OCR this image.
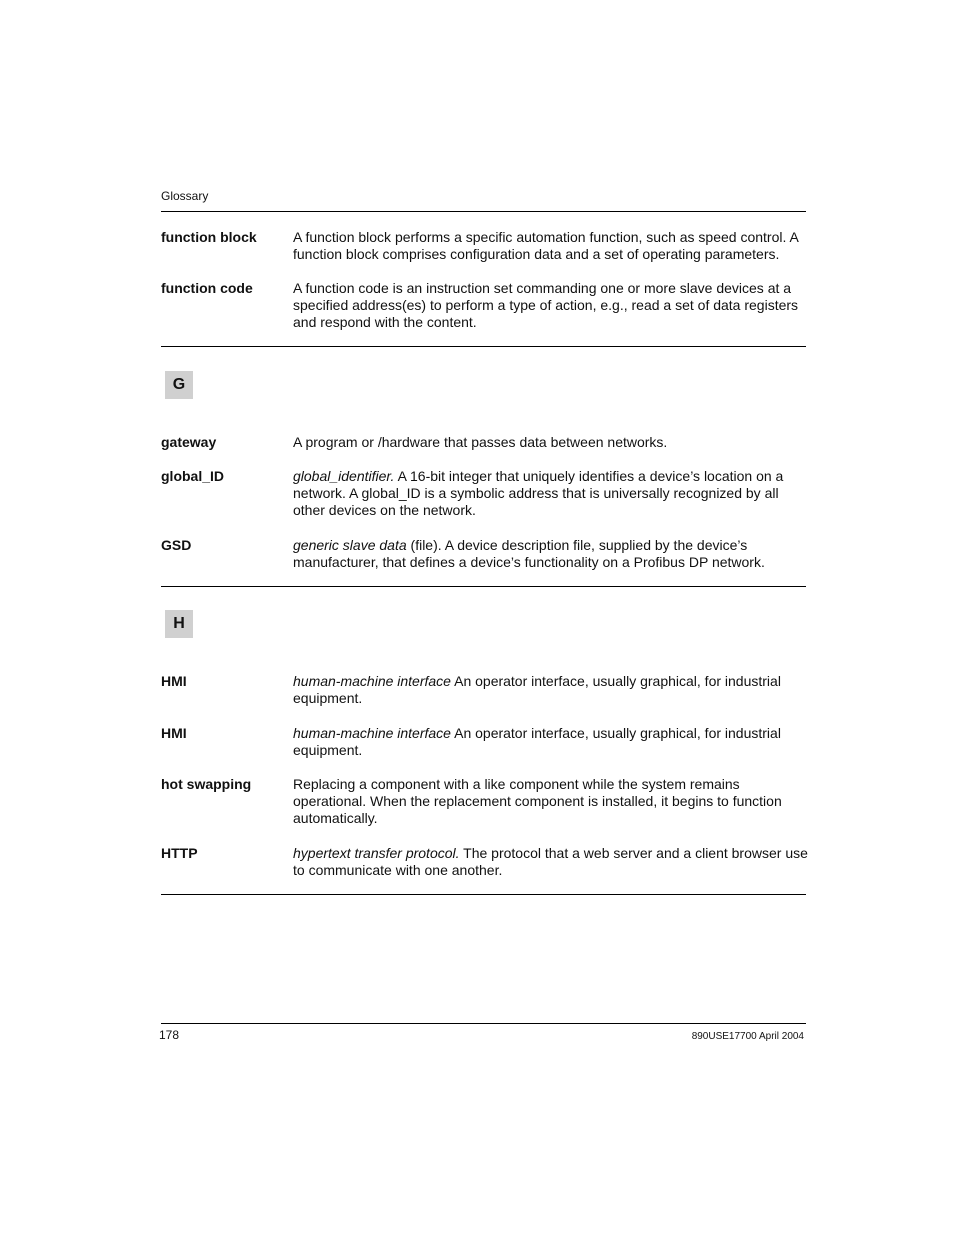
Glossary
function block	A function block performs a specific automation function, such as speed control. A function block comprises configuration data and a set of operating parameters.
function code	A function code is an instruction set commanding one or more slave devices at a specified address(es) to perform a type of action, e.g., read a set of data registers and respond with the content.
G
gateway	A program or /hardware that passes data between networks.
global_ID	global_identifier. A 16-bit integer that uniquely identifies a device’s location on a network. A global_ID is a symbolic address that is universally recognized by all other devices on the network.
GSD	generic slave data (file). A device description file, supplied by the device’s manufacturer, that defines a device’s functionality on a Profibus DP network.
H
HMI	human-machine interface An operator interface, usually graphical, for industrial equipment.
HMI	human-machine interface An operator interface, usually graphical, for industrial equipment.
hot swapping	Replacing a component with a like component while the system remains operational. When the replacement component is installed, it begins to function automatically.
HTTP	hypertext transfer protocol. The protocol that a web server and a client browser use to communicate with one another.
178	890USE17700 April 2004
